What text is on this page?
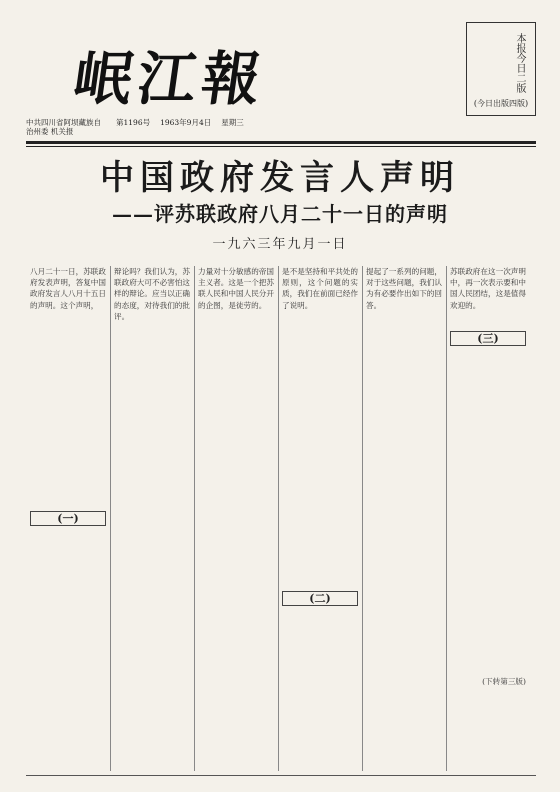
岷江報
中共四川省阿坝藏族自治州委 机关报
第1196号 1963年9月4日 星期三
本报今日二版
(今日出版四版)
中国政府发言人声明
——评苏联政府八月二十一日的声明
一九六三年九月一日
八月二十一日，苏联政府发表声明，答复中国政府发言人八月十五日的声明。这个声明，
(一)
辩论吗？我们认为，苏联政府大可不必害怕这样的辩论。应当以正确的态度，对待我们的批评。
力量对十分敏感的帝国主义者。这是一个把苏联人民和中国人民分开的企图，是徒劳的。
是不是坚持和平共处的原则，这个问题的实质，我们在前面已经作了说明。
(二)
提起了一系列的问题，对于这些问题，我们认为有必要作出如下的回答。
苏联政府在这一次声明中，再一次表示要和中国人民团结，这是值得欢迎的。
(三)
(下转第三版)
